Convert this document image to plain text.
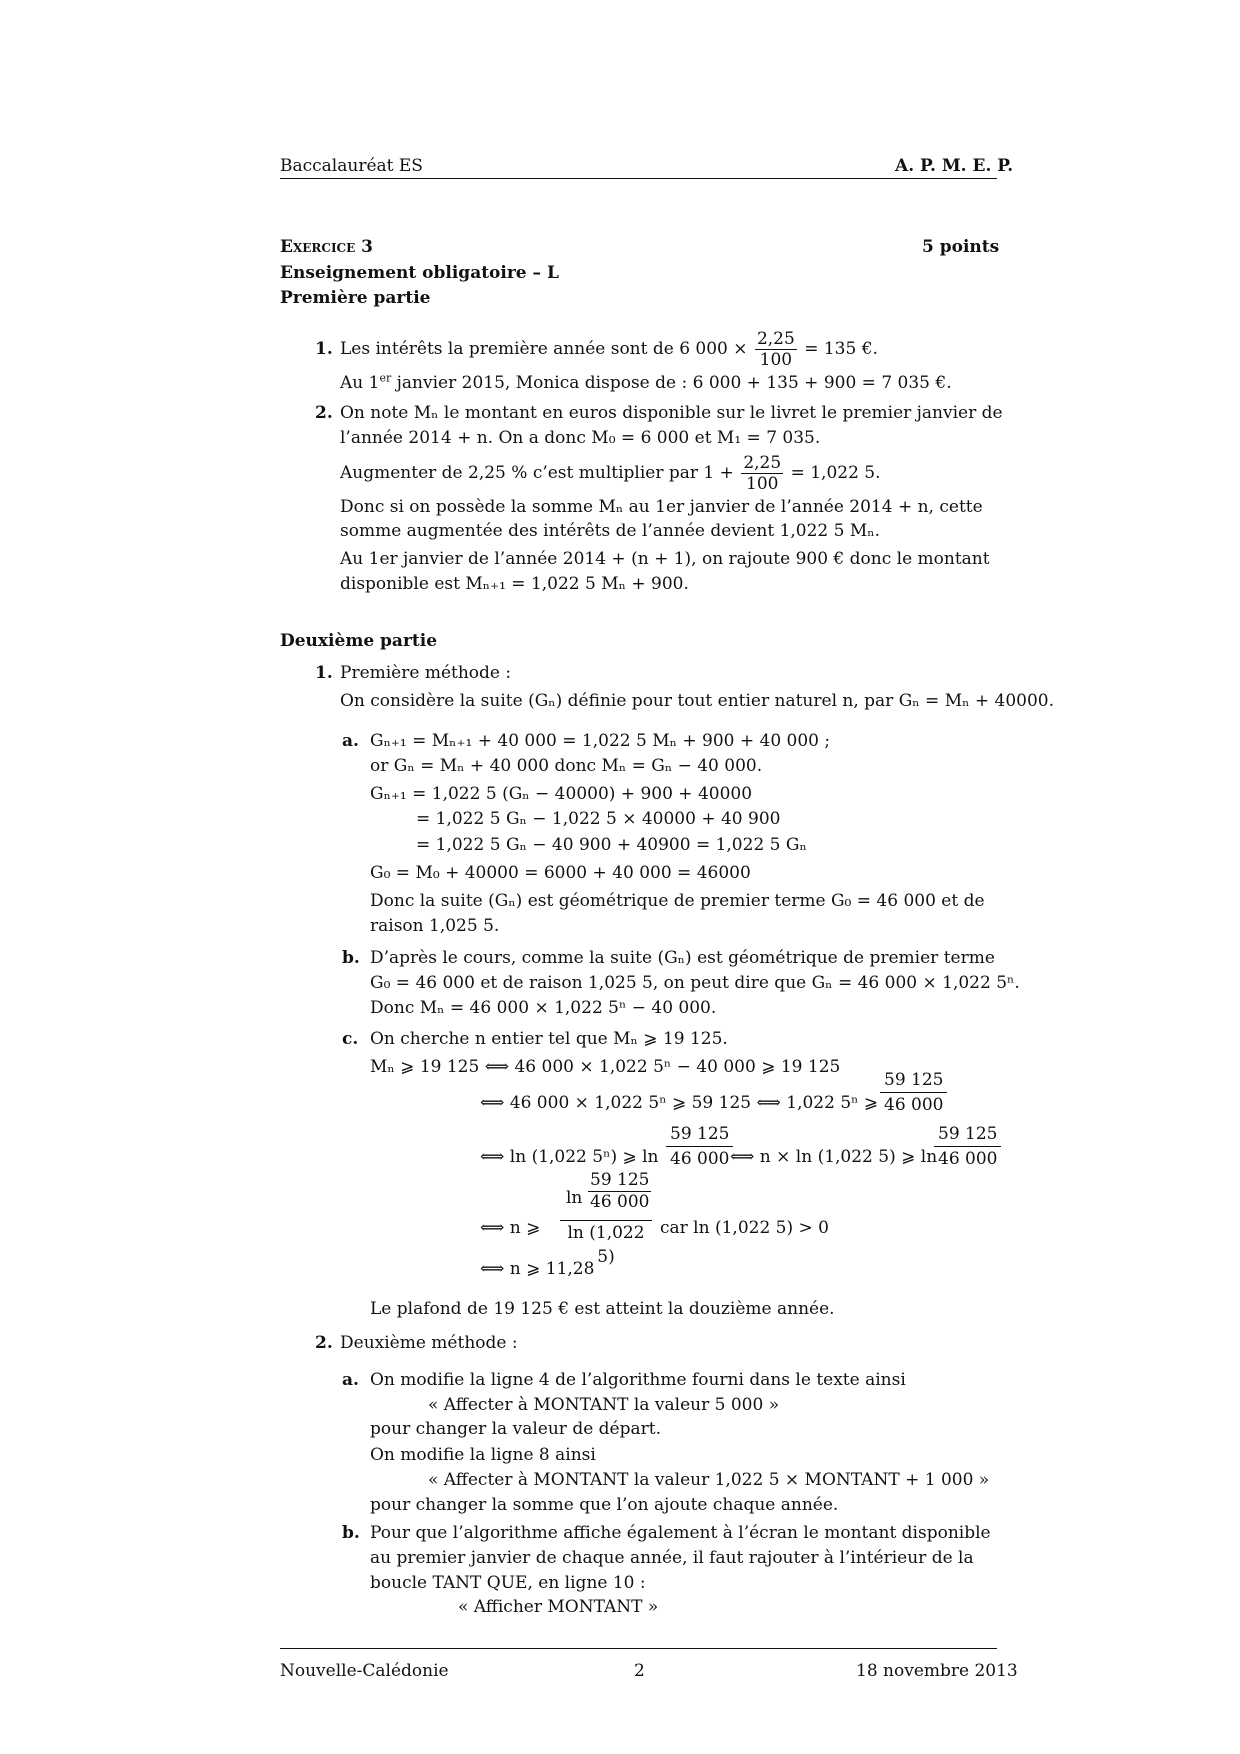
Baccalauréat ES	A. P. M. E. P.
Exercice 3	5 points
Enseignement obligatoire – L
Première partie
1. Les intérêts la première année sont de 6 $000 \times \frac{2,25}{100} = 135$ €.
Au 1er janvier 2015, Monica dispose de : 6 000 + 135 + 900 = 7 035 €.
2. On note Mₙ le montant en euros disponible sur le livret le premier janvier de
l’année 2014 + n. On a donc M₀ = 6 000 et M₁ = 7 035.
Augmenter de 2,25 % c’est multiplier par $1 + \frac{2,25}{100} = 1,022$ 5.
Donc si on possède la somme Mₙ au 1er janvier de l’année 2014 + n, cette
somme augmentée des intérêts de l’année devient 1,022 5 Mₙ.
Au 1er janvier de l’année 2014 + (n + 1), on rajoute 900 € donc le montant
disponible est Mₙ₊₁ = 1,022 5 Mₙ + 900.
Deuxième partie
1. Première méthode :
On considère la suite (Gₙ) définie pour tout entier naturel n, par Gₙ = Mₙ + 40000.
a. Gₙ₊₁ = Mₙ₊₁ + 40 000 = 1,022 5 Mₙ + 900 + 40 000 ;
or Gₙ = Mₙ + 40 000 donc Mₙ = Gₙ − 40 000.
Gₙ₊₁ = 1,022 5 (Gₙ − 40000) + 900 + 40000
= 1,022 5 Gₙ − 1,022 5 × 40000 + 40 900
= 1,022 5 Gₙ − 40 900 + 40900 = 1,022 5 Gₙ
G₀ = M₀ + 40000 = 6000 + 40 000 = 46000
Donc la suite (Gₙ) est géométrique de premier terme G₀ = 46 000 et de
raison 1,025 5.
b. D’après le cours, comme la suite (Gₙ) est géométrique de premier terme
G₀ = 46 000 et de raison 1,025 5, on peut dire que Gₙ = 46 000 × 1,022 5ⁿ.
Donc Mₙ = 46 000 × 1,022 5ⁿ − 40 000.
c. On cherche n entier tel que Mₙ ⩾ 19 125.
Mₙ ⩾ 19 125 ⟺ 46 000 × 1,022 5ⁿ − 40 000 ⩾ 19 125
⟺ 46 000 × 1,022 5ⁿ ⩾ 59 125 ⟺ 1,022 5ⁿ ⩾ $\frac{59 125}{46 000}$
⟺ ln (1,022 5ⁿ) ⩾ $\ln \frac{59 125}{46 000}$
⟺ n × ln (1,022 5) ⩾ ln
$\frac{59 125}{46 000}$
⟺ n ⩾
$\ln \frac{59 125}{46 000}$
ln (1,022 5)
car ln (1,022 5) > 0
⟺ n ⩾ 11,28
Le plafond de 19 125 € est atteint la douzième année.
2. Deuxième méthode :
a. On modifie la ligne 4 de l’algorithme fourni dans le texte ainsi
« Affecter à MONTANT la valeur 5 000 »
pour changer la valeur de départ.
On modifie la ligne 8 ainsi
« Affecter à MONTANT la valeur 1,022 5 × MONTANT + 1 000 »
pour changer la somme que l’on ajoute chaque année.
b. Pour que l’algorithme affiche également à l’écran le montant disponible
au premier janvier de chaque année, il faut rajouter à l’intérieur de la
boucle TANT QUE, en ligne 10 :
« Afficher MONTANT »
Nouvelle-Calédonie	2	18 novembre 2013
